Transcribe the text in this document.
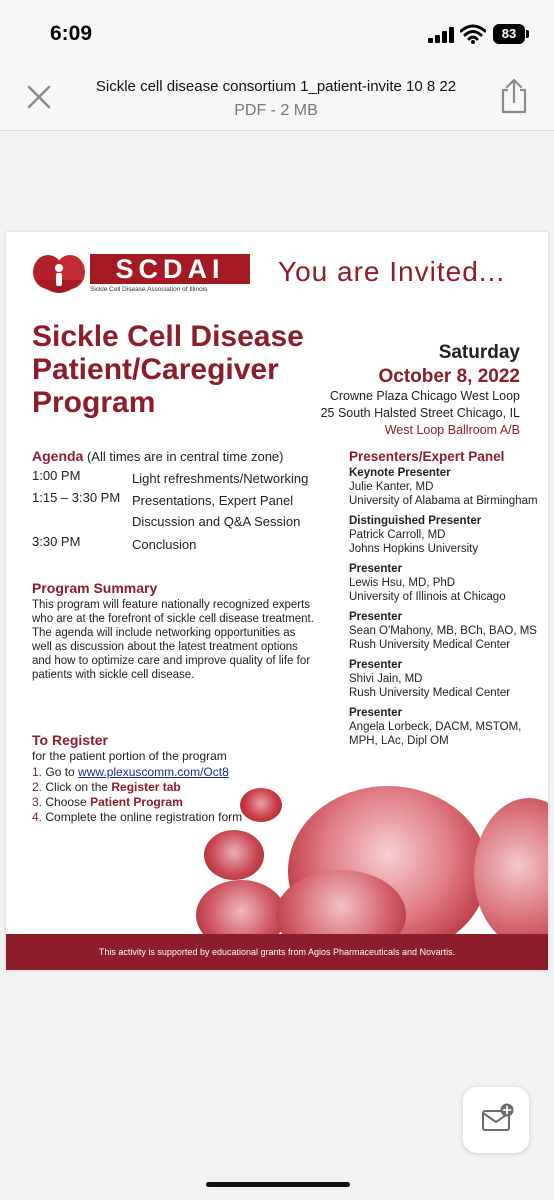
6:09	83
Sickle cell disease consortium 1_patient-invite 10 8 22
PDF - 2 MB
SCDAI
Sickle Cell Disease Association of Illinois
You are Invited...
Sickle Cell Disease
Patient/Caregiver
Program
Saturday
October 8, 2022
Crowne Plaza Chicago West Loop
25 South Halsted Street Chicago, IL
West Loop Ballroom A/B
Agenda (All times are in central time zone)
1:00 PM	Light refreshments/Networking
1:15 – 3:30 PM Presentations, Expert Panel Discussion and Q&A Session
3:30 PM	Conclusion
Program Summary
This program will feature nationally recognized experts who are at the forefront of sickle cell disease treatment. The agenda will include networking opportunities as well as discussion about the latest treatment options and how to optimize care and improve quality of life for patients with sickle cell disease.
To Register
for the patient portion of the program
1. Go to www.plexuscomm.com/Oct8
2. Click on the Register tab
3. Choose Patient Program
4. Complete the online registration form
Presenters/Expert Panel
Keynote Presenter
Julie Kanter, MD
University of Alabama at Birmingham
Distinguished Presenter
Patrick Carroll, MD
Johns Hopkins University
Presenter
Lewis Hsu, MD, PhD
University of Illinois at Chicago
Presenter
Sean O'Mahony, MB, BCh, BAO, MS
Rush University Medical Center
Presenter
Shivi Jain, MD
Rush University Medical Center
Presenter
Angela Lorbeck, DACM, MSTOM, MPH, LAc, Dipl OM
This activity is supported by educational grants from Agios Pharmaceuticals and Novartis.
